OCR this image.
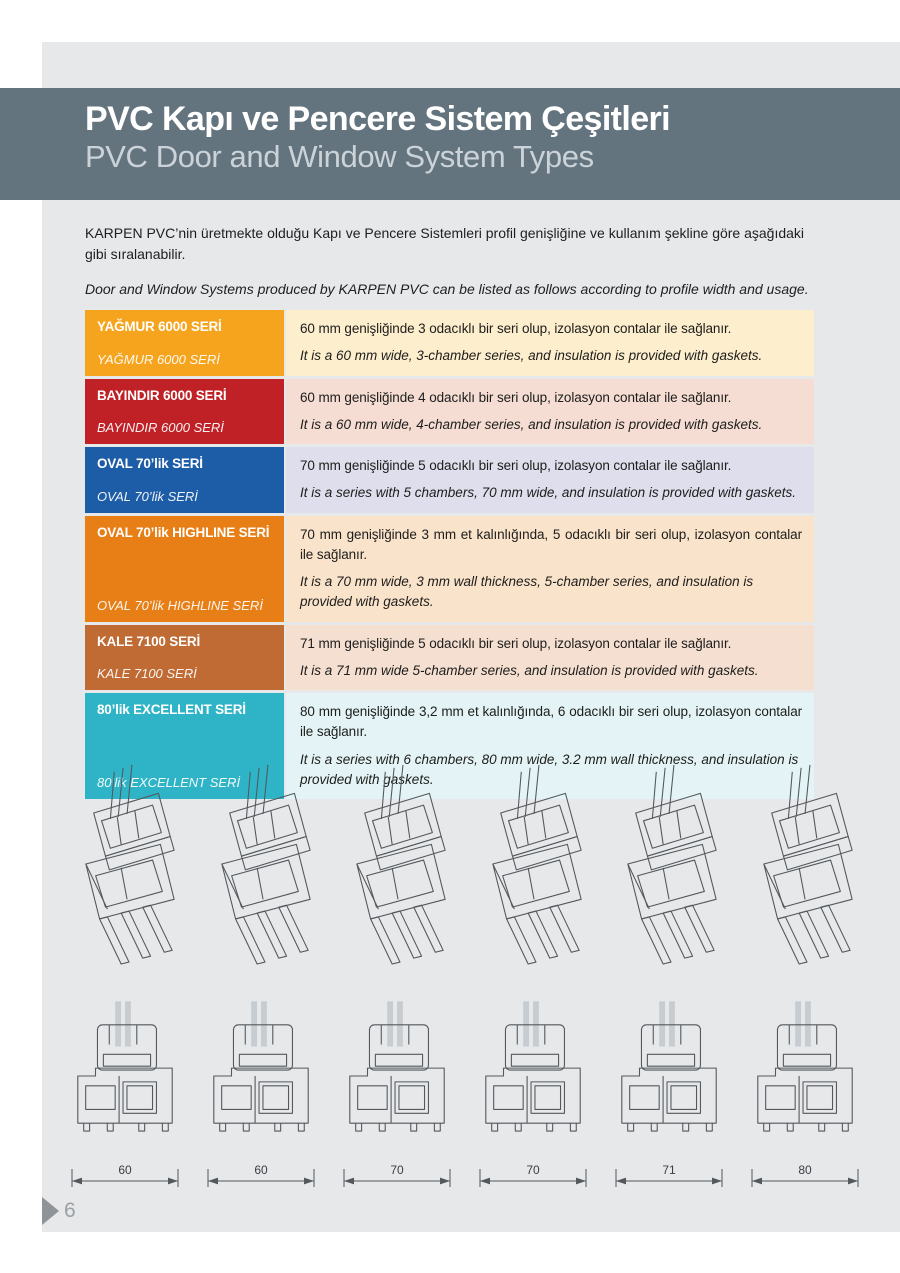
PVC Kapı ve Pencere Sistem Çeşitleri
PVC Door and Window System Types

KARPEN PVC’nin üretmekte olduğu Kapı ve Pencere Sistemleri profil genişliğine ve kullanım şekline göre aşağıdaki gibi sıralanabilir.

Door and Window Systems produced by KARPEN PVC can be listed as follows according to profile width and usage.

YAĞMUR 6000 SERİ
YAĞMUR 6000 SERİ

60 mm genişliğinde 3 odacıklı bir seri olup, izolasyon contalar ile sağlanır.

It is a 60 mm wide, 3-chamber series, and insulation is provided with gaskets.

BAYINDIR 6000 SERİ
BAYINDIR 6000 SERİ

60 mm genişliğinde 4 odacıklı bir seri olup, izolasyon contalar ile sağlanır.

It is a 60 mm wide, 4-chamber series, and insulation is provided with gaskets.

OVAL 70’lik SERİ
OVAL 70’lik SERİ

70 mm genişliğinde 5 odacıklı bir seri olup, izolasyon contalar ile sağlanır.

It is a series with 5 chambers, 70 mm wide, and insulation is provided with gaskets.

OVAL 70’lik HIGHLINE SERİ
OVAL 70’lik HIGHLINE SERİ

70 mm genişliğinde 3 mm et kalınlığında, 5 odacıklı bir seri olup, izolasyon contalar ile sağlanır.

It is a 70 mm wide, 3 mm wall thickness, 5-chamber series, and insulation is provided with gaskets.

KALE 7100 SERİ
KALE 7100 SERİ

71 mm genişliğinde 5 odacıklı bir seri olup, izolasyon contalar ile sağlanır.

It is a 71 mm wide 5-chamber series, and insulation is provided with gaskets.

80’lik EXCELLENT SERİ
80’lik EXCELLENT SERİ

80 mm genişliğinde 3,2 mm et kalınlığında, 6 odacıklı bir seri olup, izolasyon contalar ile sağlanır.

It is a series with 6 chambers, 80 mm wide, 3.2 mm wall thickness, and insulation is provided with gaskets.

60	60	70	70	71	80
6
